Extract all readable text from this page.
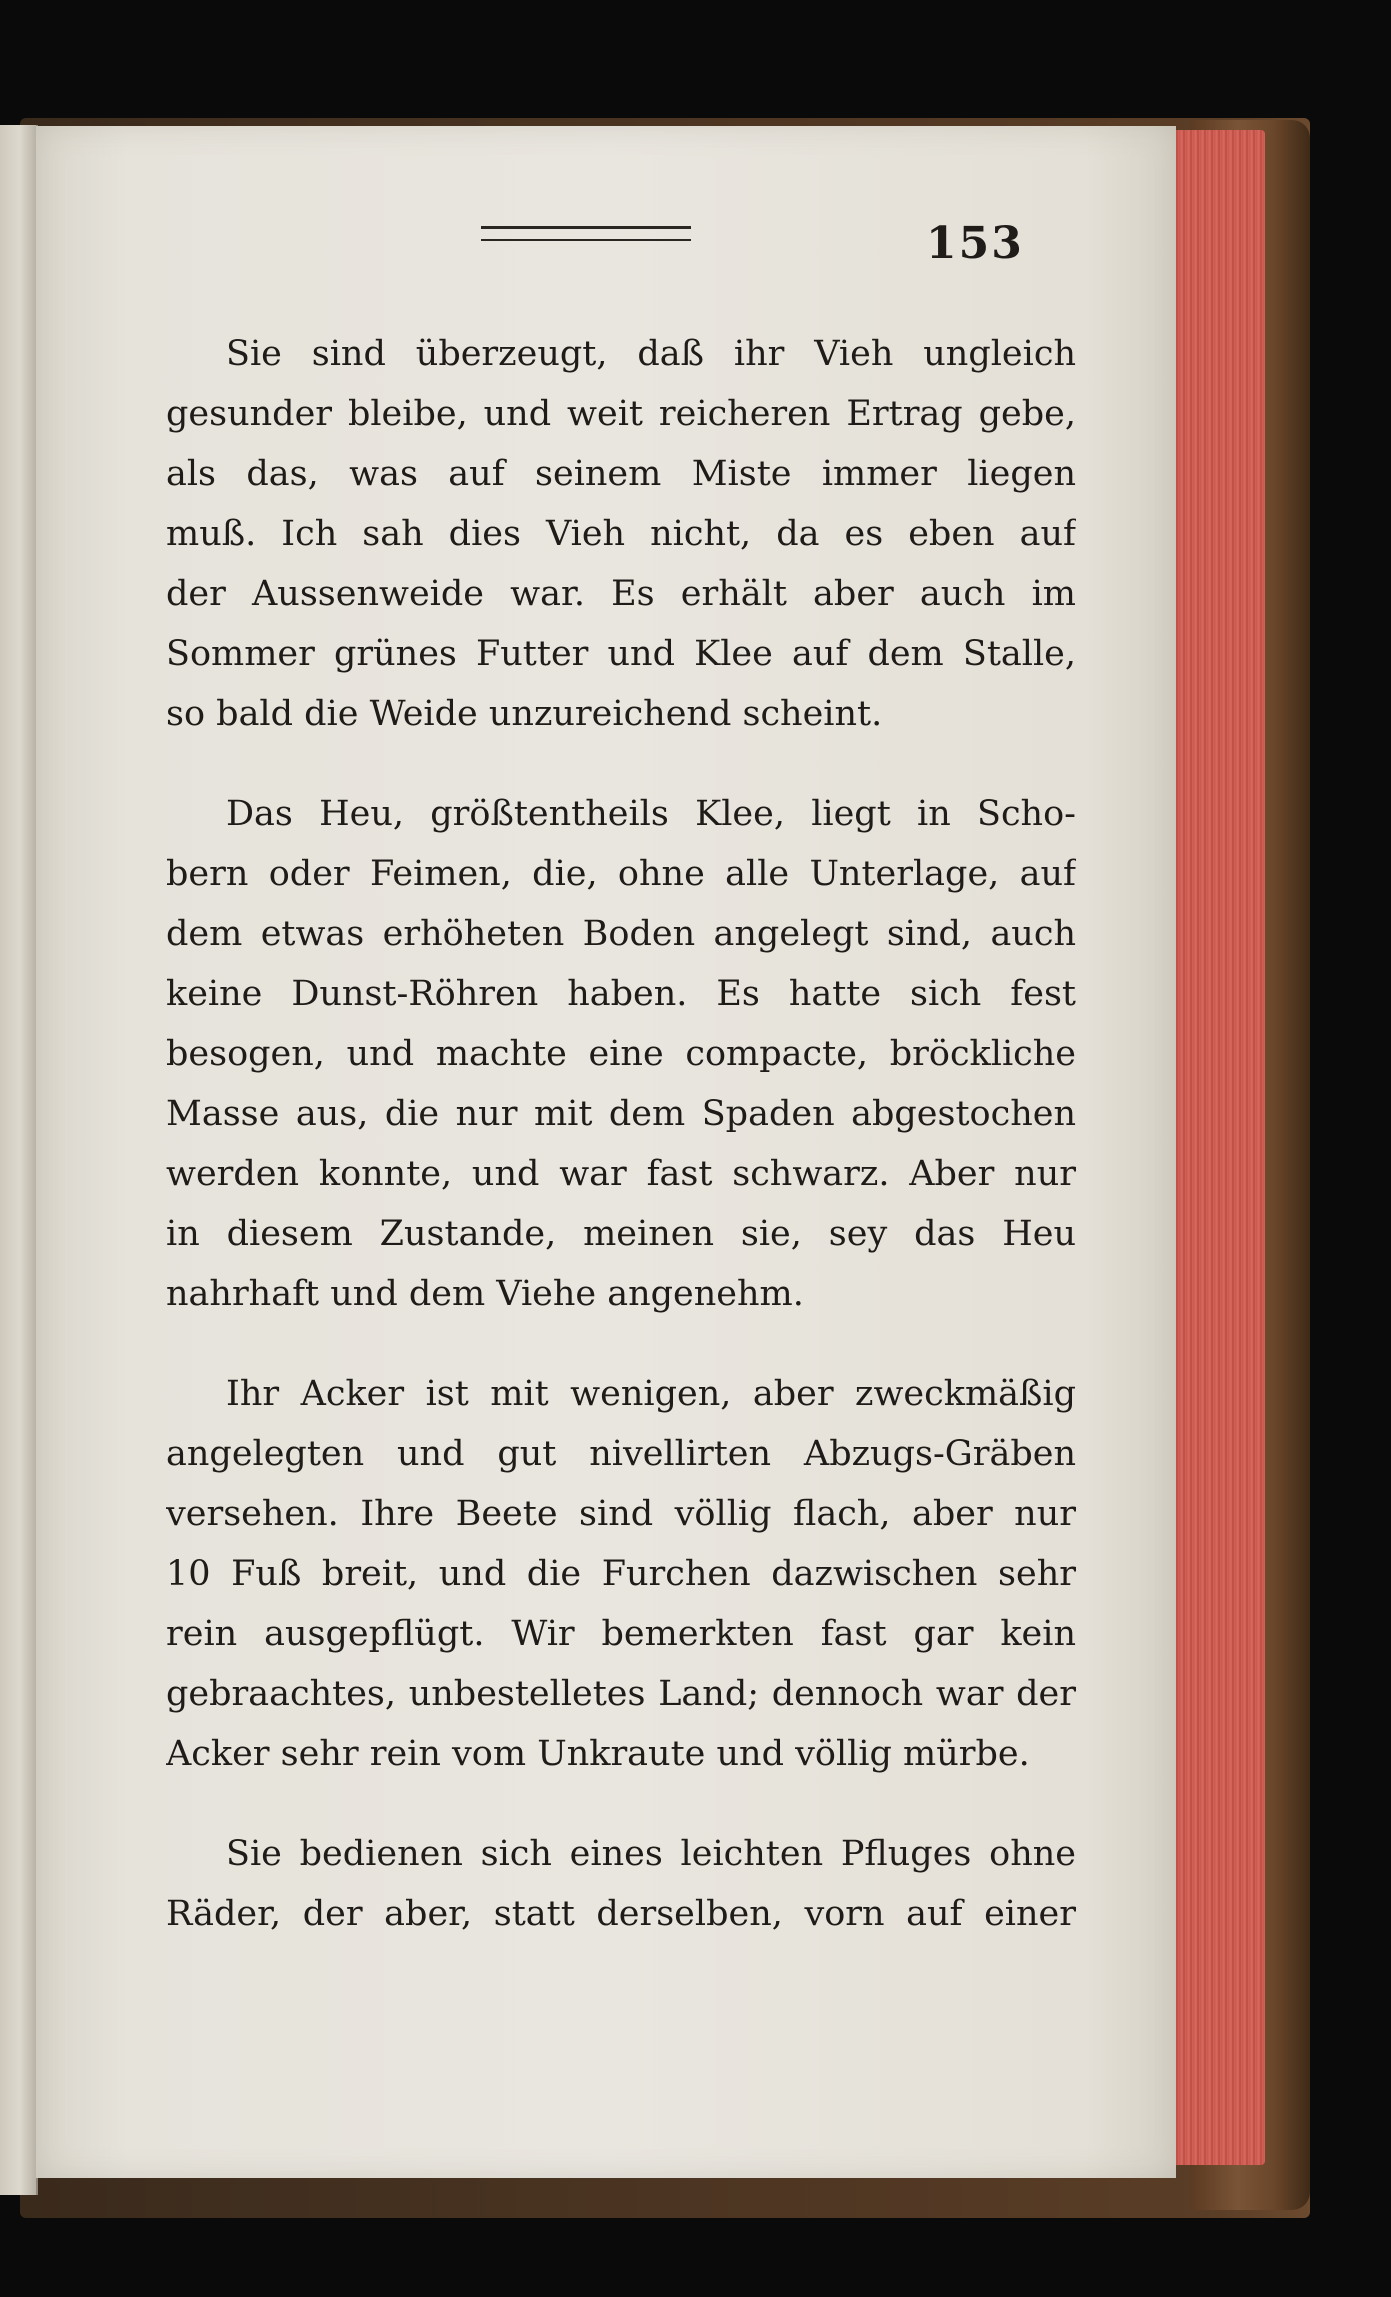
153
Sie sind überzeugt, daß ihr Vieh ungleich
gesunder bleibe, und weit reicheren Ertrag gebe,
als das, was auf seinem Miste immer liegen
muß. Ich sah dies Vieh nicht, da es eben auf
der Aussenweide war. Es erhält aber auch im
Sommer grünes Futter und Klee auf dem Stalle,
so bald die Weide unzureichend scheint.
Das Heu, größtentheils Klee, liegt in Scho-
bern oder Feimen, die, ohne alle Unterlage, auf
dem etwas erhöheten Boden angelegt sind, auch
keine Dunst-Röhren haben. Es hatte sich fest
besogen, und machte eine compacte, bröckliche
Masse aus, die nur mit dem Spaden abgestochen
werden konnte, und war fast schwarz. Aber nur
in diesem Zustande, meinen sie, sey das Heu
nahrhaft und dem Viehe angenehm.
Ihr Acker ist mit wenigen, aber zweckmäßig
angelegten und gut nivellirten Abzugs-Gräben
versehen. Ihre Beete sind völlig flach, aber nur
10 Fuß breit, und die Furchen dazwischen sehr
rein ausgepflügt. Wir bemerkten fast gar kein
gebraachtes, unbestelletes Land; dennoch war der
Acker sehr rein vom Unkraute und völlig mürbe.
Sie bedienen sich eines leichten Pfluges ohne
Räder, der aber, statt derselben, vorn auf einer
